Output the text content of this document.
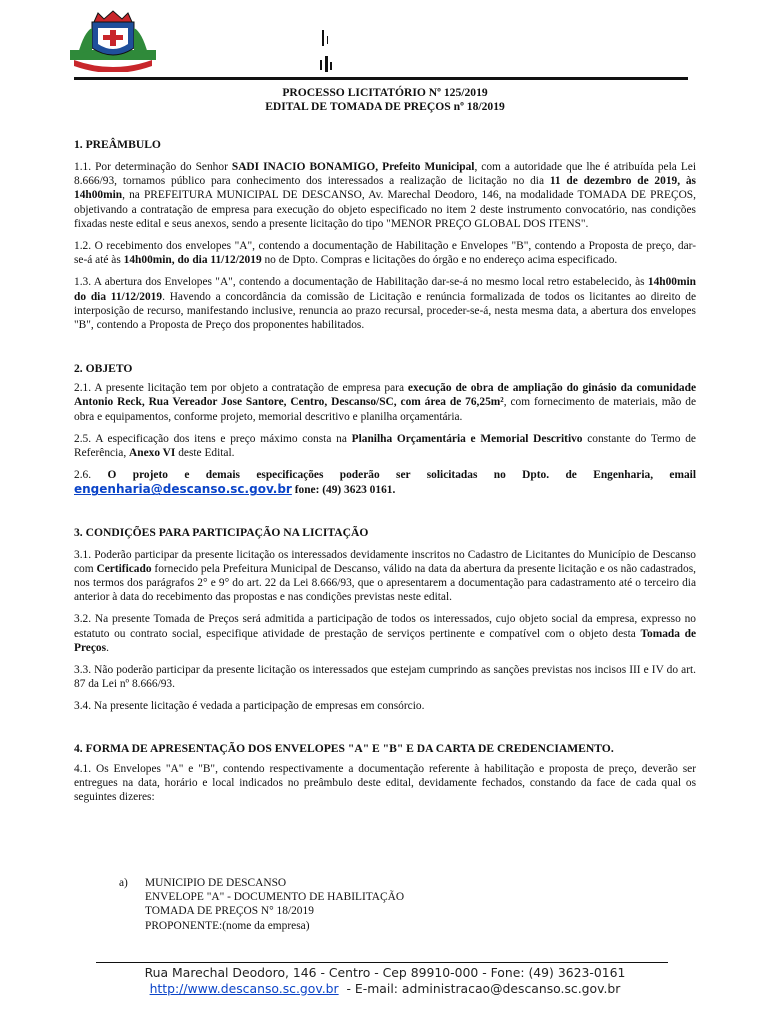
PROCESSO LICITATÓRIO Nº 125/2019
EDITAL DE TOMADA DE PREÇOS nº 18/2019
1. PREÂMBULO

1.1. Por determinação do Senhor SADI INACIO BONAMIGO, Prefeito Municipal, com a autoridade que lhe é atribuída pela Lei 8.666/93, tornamos público para conhecimento dos interessados a realização de licitação no dia 11 de dezembro de 2019, às 14h00min, na PREFEITURA MUNICIPAL DE DESCANSO, Av. Marechal Deodoro, 146, na modalidade TOMADA DE PREÇOS, objetivando a contratação de empresa para execução do objeto especificado no item 2 deste instrumento convocatório, nas condições fixadas neste edital e seus anexos, sendo a presente licitação do tipo "MENOR PREÇO GLOBAL DOS ITENS".

1.2. O recebimento dos envelopes "A", contendo a documentação de Habilitação e Envelopes "B", contendo a Proposta de preço, dar-se-á até às 14h00min, do dia 11/12/2019 no de Dpto. Compras e licitações do órgão e no endereço acima especificado.

1.3. A abertura dos Envelopes "A", contendo a documentação de Habilitação dar-se-á no mesmo local retro estabelecido, às 14h00min do dia 11/12/2019. Havendo a concordância da comissão de Licitação e renúncia formalizada de todos os licitantes ao direito de interposição de recurso, manifestando inclusive, renuncia ao prazo recursal, proceder-se-á, nesta mesma data, a abertura dos envelopes "B", contendo a Proposta de Preço dos proponentes habilitados.

2. OBJETO

2.1. A presente licitação tem por objeto a contratação de empresa para execução de obra de ampliação do ginásio da comunidade Antonio Reck, Rua Vereador Jose Santore, Centro, Descanso/SC, com área de 76,25m², com fornecimento de materiais, mão de obra e equipamentos, conforme projeto, memorial descritivo e planilha orçamentária.

2.5. A especificação dos itens e preço máximo consta na Planilha Orçamentária e Memorial Descritivo constante do Termo de Referência, Anexo VI deste Edital.

2.6. O projeto e demais especificações poderão ser solicitadas no Dpto. de Engenharia, email engenharia@descanso.sc.gov.br fone: (49) 3623 0161.

3. CONDIÇÕES PARA PARTICIPAÇÃO NA LICITAÇÃO

3.1. Poderão participar da presente licitação os interessados devidamente inscritos no Cadastro de Licitantes do Município de Descanso com Certificado fornecido pela Prefeitura Municipal de Descanso, válido na data da abertura da presente licitação e os não cadastrados, nos termos dos parágrafos 2° e 9° do art. 22 da Lei 8.666/93, que o apresentarem a documentação para cadastramento até o terceiro dia anterior à data do recebimento das propostas e nas condições previstas neste edital.

3.2. Na presente Tomada de Preços será admitida a participação de todos os interessados, cujo objeto social da empresa, expresso no estatuto ou contrato social, especifique atividade de prestação de serviços pertinente e compatível com o objeto desta Tomada de Preços.

3.3. Não poderão participar da presente licitação os interessados que estejam cumprindo as sanções previstas nos incisos III e IV do art. 87 da Lei nº 8.666/93.

3.4. Na presente licitação é vedada a participação de empresas em consórcio.

4. FORMA DE APRESENTAÇÃO DOS ENVELOPES "A" E "B" E DA CARTA DE CREDENCIAMENTO.

4.1. Os Envelopes "A" e "B", contendo respectivamente a documentação referente à habilitação e proposta de preço, deverão ser entregues na data, horário e local indicados no preâmbulo deste edital, devidamente fechados, constando da face de cada qual os seguintes dizeres:

a) MUNICIPIO DE DESCANSO
ENVELOPE "A" - DOCUMENTO DE HABILITAÇÃO
TOMADA DE PREÇOS N° 18/2019
PROPONENTE:(nome da empresa)
Rua Marechal Deodoro, 146 - Centro - Cep 89910-000 - Fone: (49) 3623-0161
http://www.descanso.sc.gov.br  - E-mail: administracao@descanso.sc.gov.br
